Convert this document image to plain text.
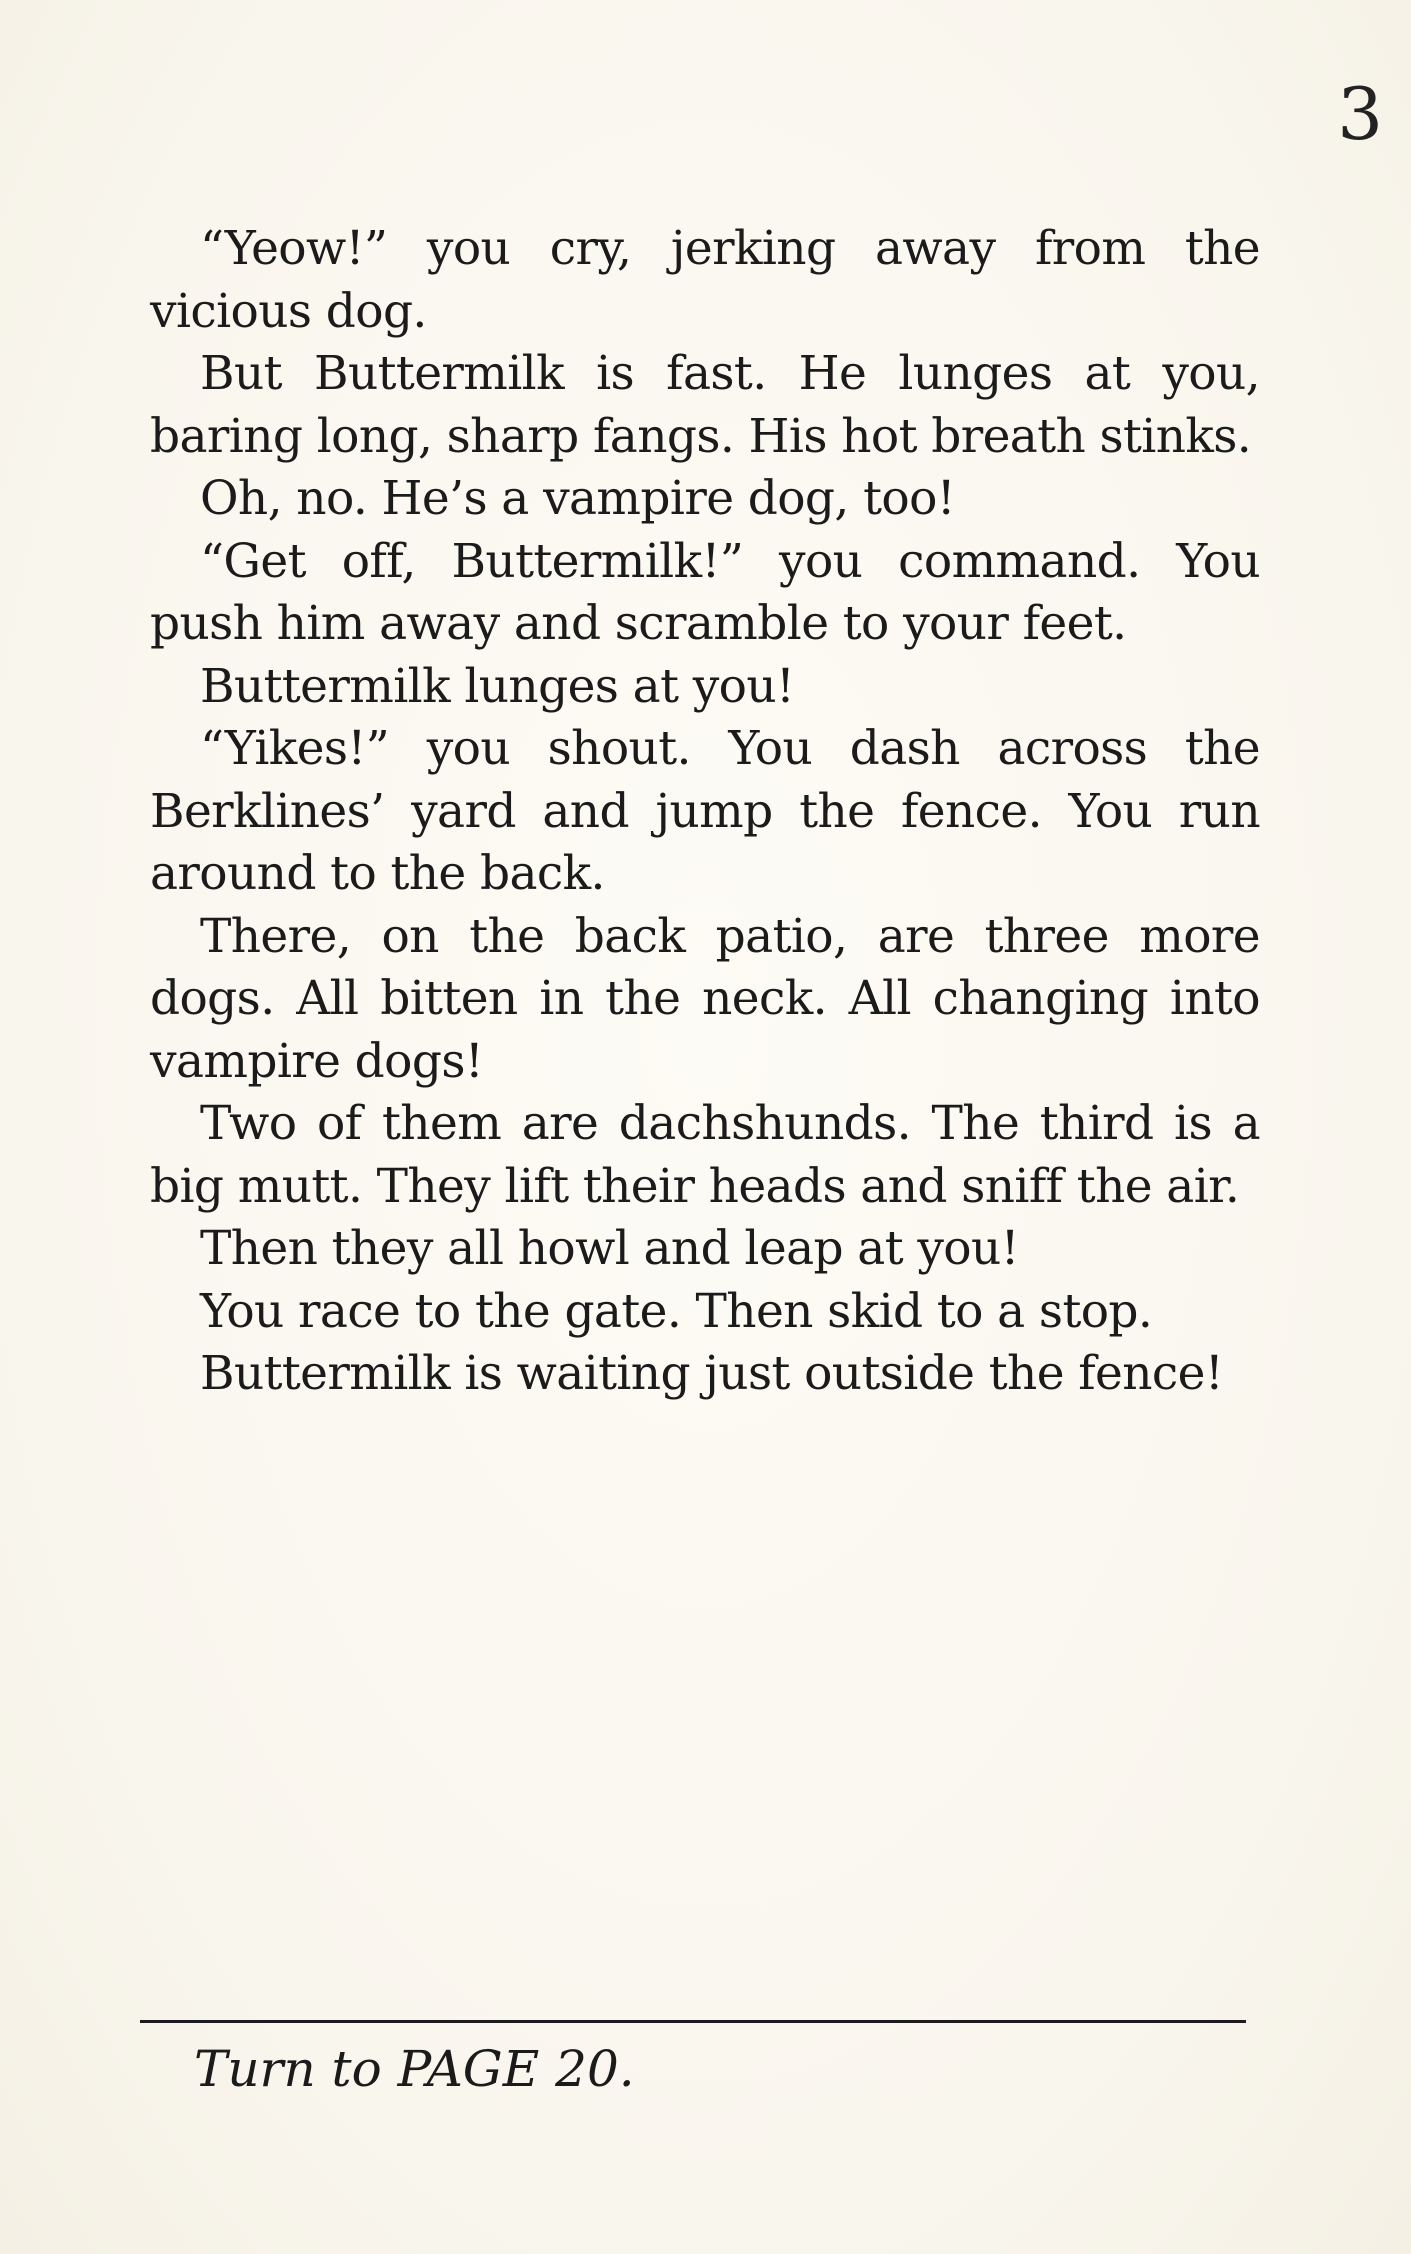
3

“Yeow!” you cry, jerking away from the vicious dog.

But Buttermilk is fast. He lunges at you, baring long, sharp fangs. His hot breath stinks.

Oh, no. He’s a vampire dog, too!

“Get off, Buttermilk!” you command. You push him away and scramble to your feet.

Buttermilk lunges at you!

“Yikes!” you shout. You dash across the Berklines’ yard and jump the fence. You run around to the back.

There, on the back patio, are three more dogs. All bitten in the neck. All changing into vampire dogs!

Two of them are dachshunds. The third is a big mutt. They lift their heads and sniff the air.

Then they all howl and leap at you!

You race to the gate. Then skid to a stop.

Buttermilk is waiting just outside the fence!

Turn to PAGE 20.
